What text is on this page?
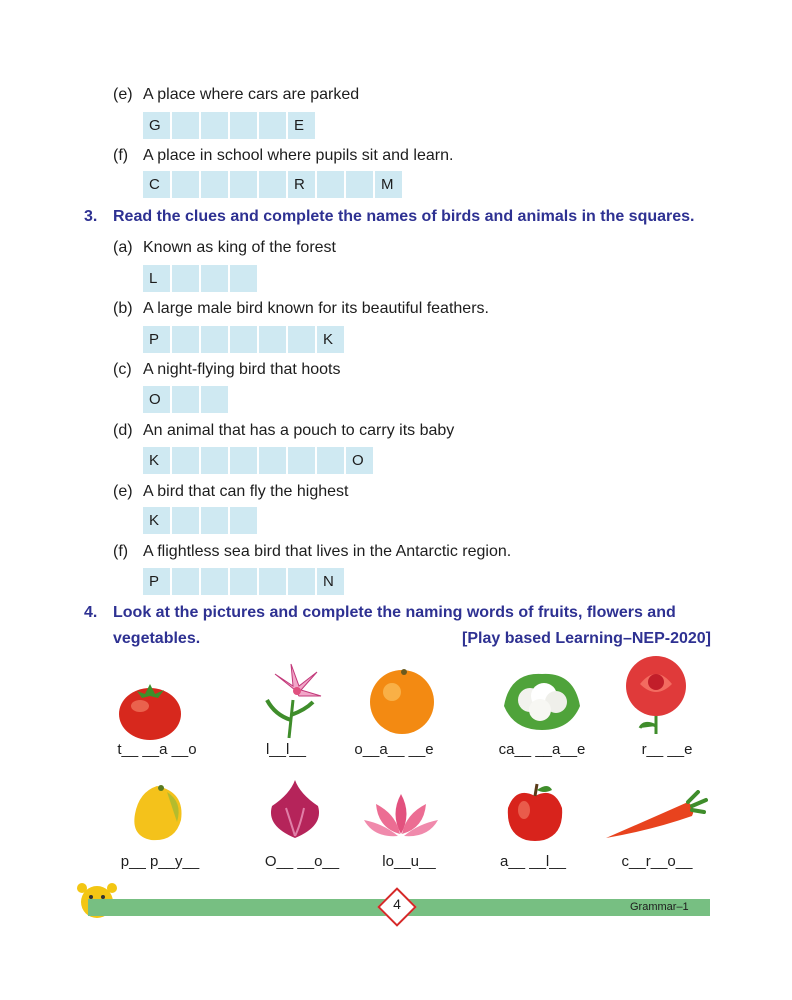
(e) A place where cars are parked
G	E
(f) A place in school where pupils sit and learn.
C	R	M
3. Read the clues and complete the names of birds and animals in the squares.
(a) Known as king of the forest
L
(b) A large male bird known for its beautiful feathers.
P	K
(c) A night-flying bird that hoots
O
(d) An animal that has a pouch to carry its baby
K	O
(e) A bird that can fly the highest
K
(f) A flightless sea bird that lives in the Antarctic region.
P	N
4. Look at the pictures and complete the naming words of fruits, flowers and
vegetables.	[Play based Learning–NEP-2020]
t__ __a __o	l__l__	o__a__ __e	ca__ __a__e	r__ __e
p__ p__y__	O__ __o__	lo__u__	a__ __l__	c__r__o__
4	Grammar–1
